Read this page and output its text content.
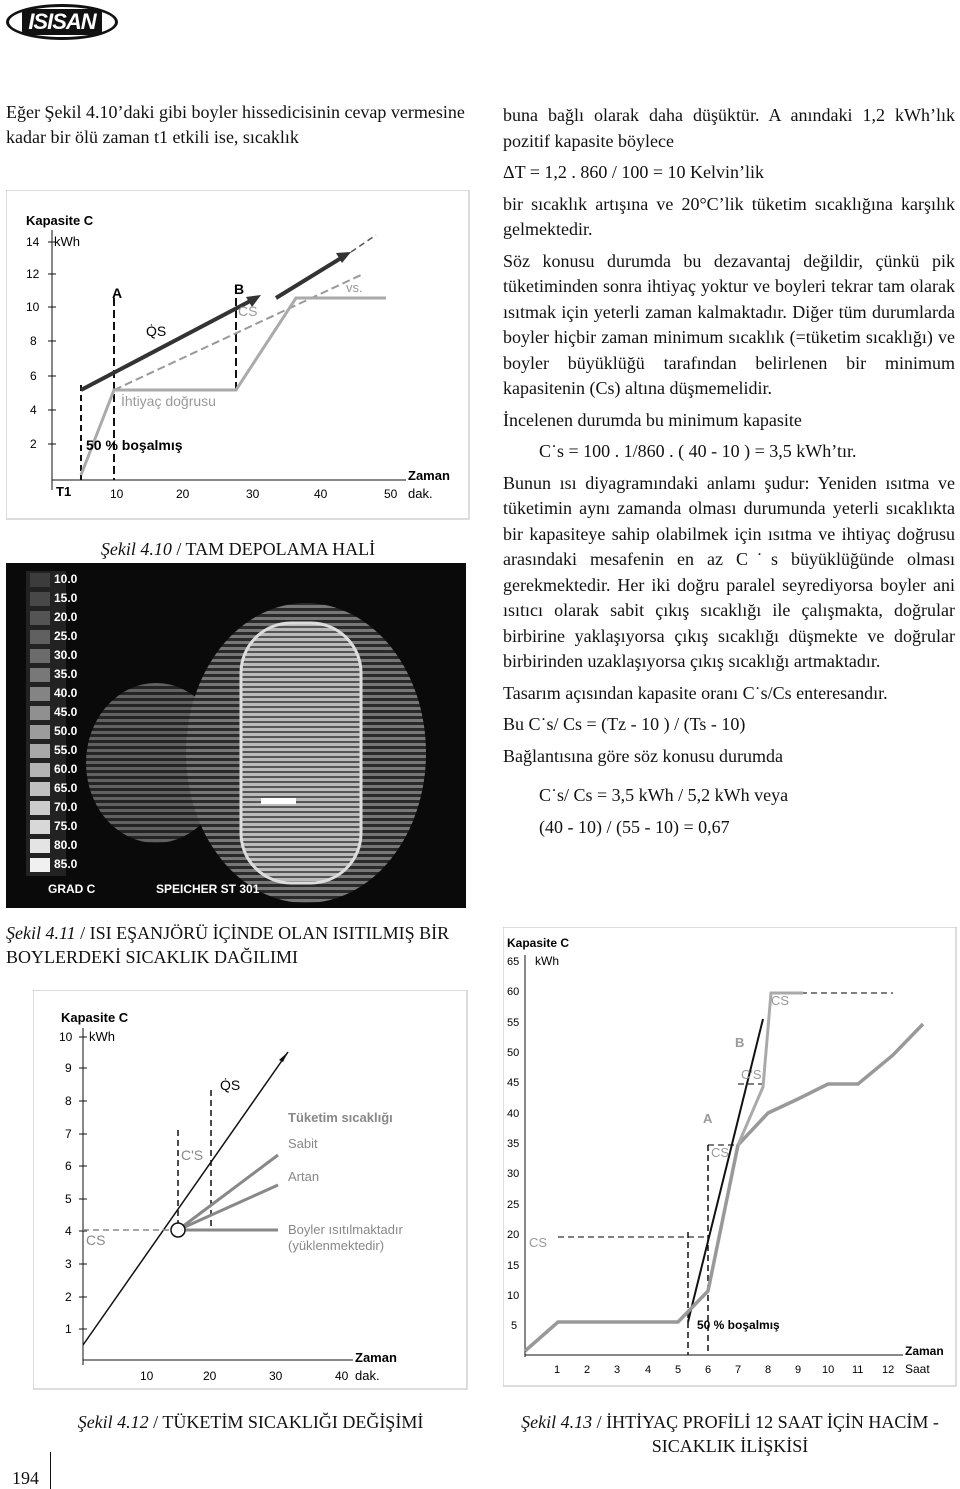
ISISAN
Eğer Şekil 4.10’daki gibi boyler hissedicisinin cevap vermesine kadar bir ölü zaman t1 etkili ise, sıcaklık

buna bağlı olarak daha düşüktür. A anındaki 1,2 kWh’lık pozitif kapasite böylece

ΔT = 1,2 . 860 / 100 = 10 Kelvin’lik

bir sıcaklık artışına ve 20°C’lik tüketim sıcaklığına karşılık gelmektedir.

Söz konusu durumda bu dezavantaj değildir, çünkü pik tüketiminden sonra ihtiyaç yoktur ve boyleri tekrar tam olarak ısıtmak için yeterli zaman kalmaktadır. Diğer tüm durumlarda boyler hiçbir zaman minimum sıcaklık (=tüketim sıcaklığı) ve boyler büyüklüğü tarafından belirlenen bir minimum kapasitenin (Cs) altına düşmemelidir.

İncelenen durumda bu minimum kapasite

C˙s = 100 . 1/860 . ( 40 - 10 ) = 3,5 kWh’tır.

Bunun ısı diyagramındaki anlamı şudur: Yeniden ısıtma ve tüketimin aynı zamanda olması durumunda yeterli sıcaklıkta bir kapasiteye sahip olabilmek için ısıtma ve ihtiyaç doğrusu arasındaki mesafenin en az C˙s büyüklüğünde olması gerekmektedir. Her iki doğru paralel seyrediyorsa boyler ani ısıtıcı olarak sabit çıkış sıcaklığı ile çalışmakta, doğrular birbirine yaklaşıyorsa çıkış sıcaklığı düşmekte ve doğrular birbirinden uzaklaşıyorsa çıkış sıcaklığı artmaktadır.

Tasarım açısından kapasite oranı C˙s/Cs enteresandır.

Bu C˙s/ Cs = (Tz - 10 ) / (Ts - 10)

Bağlantısına göre söz konusu durumda

C˙s/ Cs = 3,5 kWh / 5,2 kWh veya

(40 - 10) / (55 - 10) = 0,67

Kapasite C
kWh
14
12
10
8
6
4
2
10	20	30	40	50
T1
Zaman
dak.
A	B
Q̇S
CS
vs.
İhtiyaç doğrusu
50 % boşalmış
Şekil 4.10 / TAM DEPOLAMA HALİ
10.0
15.0
20.0
25.0
30.0
35.0
40.0
45.0
50.0
55.0
60.0
65.0
70.0
75.0
80.0
85.0
GRAD C	SPEICHER ST 301
Şekil 4.11 / ISI EŞANJÖRÜ İÇİNDE OLAN ISITILMIŞ BİR BOYLERDEKİ SICAKLIK DAĞILIMI
Kapasite C
kWh
10
9
8
7
6
5
4
3
2
1
10	20	30	40
Zaman
dak.
Q̇S
C'S
CS
Tüketim sıcaklığı
Sabit
Artan
Boyler ısıtılmaktadır
(yüklenmektedir)
Şekil 4.12 / TÜKETİM SICAKLIĞI DEĞİŞİMİ
Kapasite C
kWh
65
60
55
50
45
40
35
30
25
20
15
10
5
1 2 3 4 5 6 7 8 9 10 11 12
Zaman
Saat
A
B
CS
C'S
CS
CS
50 % boşalmış
Şekil 4.13 / İHTİYAÇ PROFİLİ 12 SAAT İÇİN HACİM - SICAKLIK İLİŞKİSİ
194
